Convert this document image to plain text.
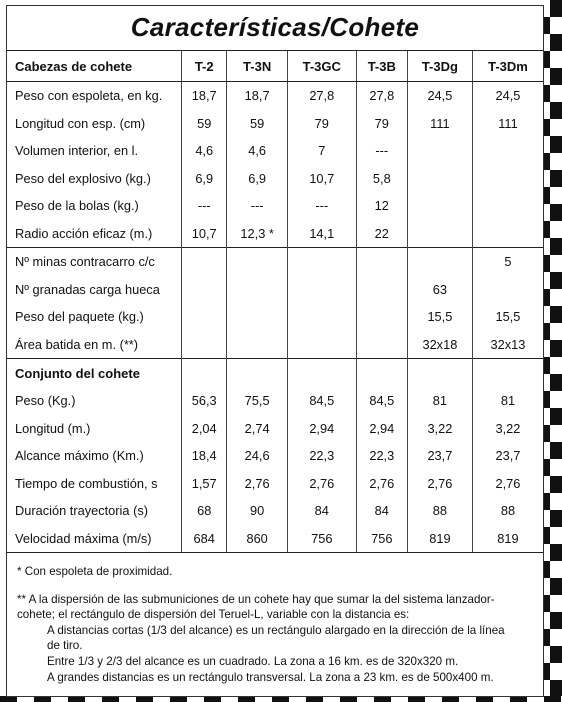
Características/Cohete
Cabezas de cohete	T-2	T-3N	T-3GC	T-3B	T-3Dg	T-3Dm
Peso con espoleta, en kg.	18,7	18,7	27,8	27,8	24,5	24,5
Longitud con esp. (cm)	59	59	79	79	111	111
Volumen interior, en l.	4,6	4,6	7	---		
Peso del explosivo (kg.)	6,9	6,9	10,7	5,8		
Peso de la bolas (kg.)	---	---	---	12		
Radio acción eficaz (m.)	10,7	12,3 *	14,1	22		
Nº minas contracarro c/c						5
Nº granadas carga hueca					63	
Peso del paquete (kg.)					15,5	15,5
Área batida en m. (**)					32x18	32x13
Conjunto del cohete						
Peso (Kg.)	56,3	75,5	84,5	84,5	81	81
Longitud (m.)	2,04	2,74	2,94	2,94	3,22	3,22
Alcance máximo (Km.)	18,4	24,6	22,3	22,3	23,7	23,7
Tiempo de combustión, s	1,57	2,76	2,76	2,76	2,76	2,76
Duración trayectoria (s)	68	90	84	84	88	88
Velocidad máxima (m/s)	684	860	756	756	819	819

* Con espoleta de proximidad.

** A la dispersión de las submuniciones de un cohete hay que sumar la del sistema lanzador-

cohete; el rectángulo de dispersión del Teruel-L, variable con la distancia es:

A distancias cortas (1/3 del alcance) es un rectángulo alargado en la dirección de la línea

de tiro.

Entre 1/3 y 2/3 del alcance es un cuadrado. La zona a 16 km. es de 320x320 m.

A grandes distancias es un rectángulo transversal. La zona a 23 km. es de 500x400 m.
